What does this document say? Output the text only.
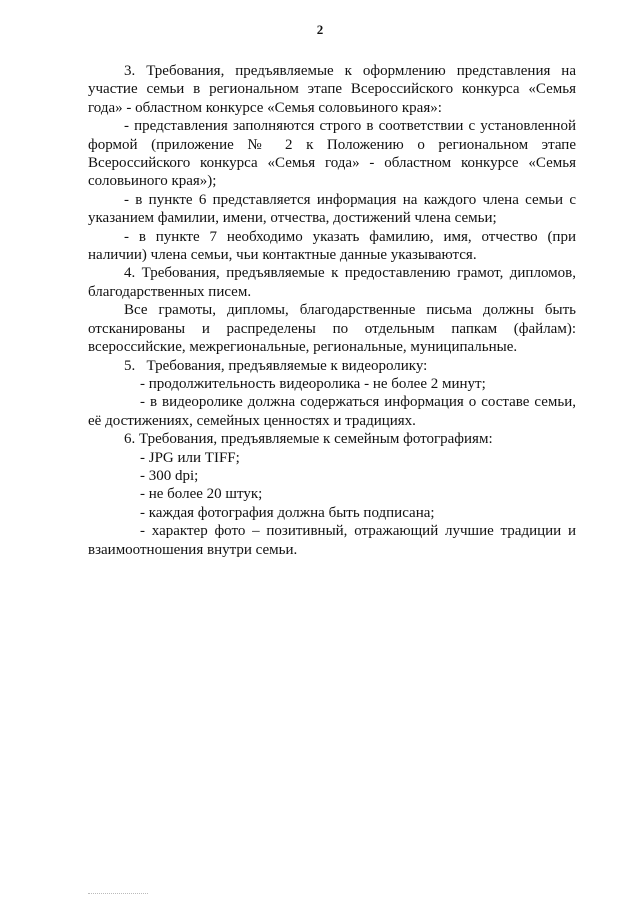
2

3. Требования, предъявляемые к оформлению представления на участие семьи в региональном этапе Всероссийского конкурса «Семья года» - областном конкурсе «Семья соловьиного края»:

- представления заполняются строго в соответствии с установленной формой (приложение № 2 к Положению о региональном этапе Всероссийского конкурса «Семья года» - областном конкурсе «Семья соловьиного края»);

- в пункте 6 представляется информация на каждого члена семьи с указанием фамилии, имени, отчества, достижений члена семьи;

- в пункте 7 необходимо указать фамилию, имя, отчество (при наличии) члена семьи, чьи контактные данные указываются.

4. Требования, предъявляемые к предоставлению грамот, дипломов, благодарственных писем.

Все грамоты, дипломы, благодарственные письма должны быть отсканированы и распределены по отдельным папкам (файлам): всероссийские, межрегиональные, региональные, муниципальные.

5.   Требования, предъявляемые к видеоролику:

- продолжительность видеоролика - не более 2 минут;

- в видеоролике должна содержаться информация о составе семьи, её достижениях, семейных ценностях и традициях.

6. Требования, предъявляемые к семейным фотографиям:

- JPG или TIFF;

- 300 dpi;

- не более 20 штук;

- каждая фотография должна быть подписана;

- характер фото – позитивный, отражающий лучшие традиции и взаимоотношения внутри семьи.
